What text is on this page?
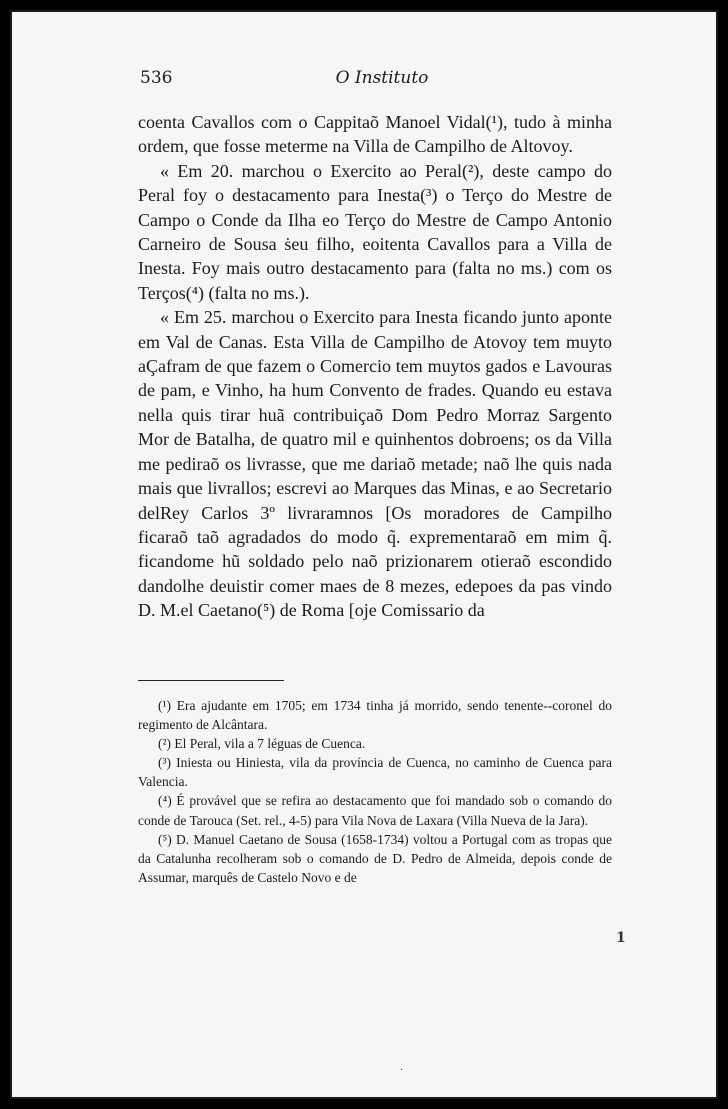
536	O Instituto

coenta Cavallos com o Cappitaõ Manoel Vidal(¹), tudo à minha ordem, que fosse meterme na Villa de Campilho de Altovoy.

« Em 20. marchou o Exercito ao Peral(²), deste campo do Peral foy o destacamento para Inesta(³) o Terço do Mestre de Campo o Conde da Ilha eo Terço do Mestre de Campo Antonio Carneiro de Sousa ṡeu filho, eoitenta Cavallos para a Villa de Inesta. Foy mais outro destacamento para (falta no ms.) com os Terços(⁴) (falta no ms.).

« Em 25. marchou o Exercito para Inesta ficando junto aponte em Val de Canas. Esta Villa de Campilho de Atovoy tem muyto aÇafram de que fazem o Comercio tem muytos gados e Lavouras de pam, e Vinho, ha hum Convento de frades. Quando eu estava nella quis tirar huã contribuiçaõ Dom Pedro Morraz Sargento Mor de Batalha, de quatro mil e quinhentos dobroens; os da Villa me pediraõ os livrasse, que me dariaõ metade; naõ lhe quis nada mais que livrallos; escrevi ao Marques das Minas, e ao Secretario delRey Carlos 3º livraramnos [Os moradores de Campilho ficaraõ taõ agradados do modo q̃. exprementaraõ em mim q̃. ficandome hũ soldado pelo naõ prizionarem otieraõ escondido dandolhe deuistir comer maes de 8 mezes, edepoes da pas vindo D. M.el Caetano(⁵) de Roma [oje Comissario da

(¹) Era ajudante em 1705; em 1734 tinha já morrido, sendo tenente--coronel do regimento de Alcântara.

(²) El Peral, vila a 7 léguas de Cuenca.

(³) Iniesta ou Hiniesta, vila da província de Cuenca, no caminho de Cuenca para Valencia.

(⁴) É provável que se refira ao destacamento que foi mandado sob o comando do conde de Tarouca (Set. rel., 4-5) para Vila Nova de Laxara (Villa Nueva de la Jara).

(⁵) D. Manuel Caetano de Sousa (1658-1734) voltou a Portugal com as tropas que da Catalunha recolheram sob o comando de D. Pedro de Almeida, depois conde de Assumar, marquês de Castelo Novo e de

1
·
